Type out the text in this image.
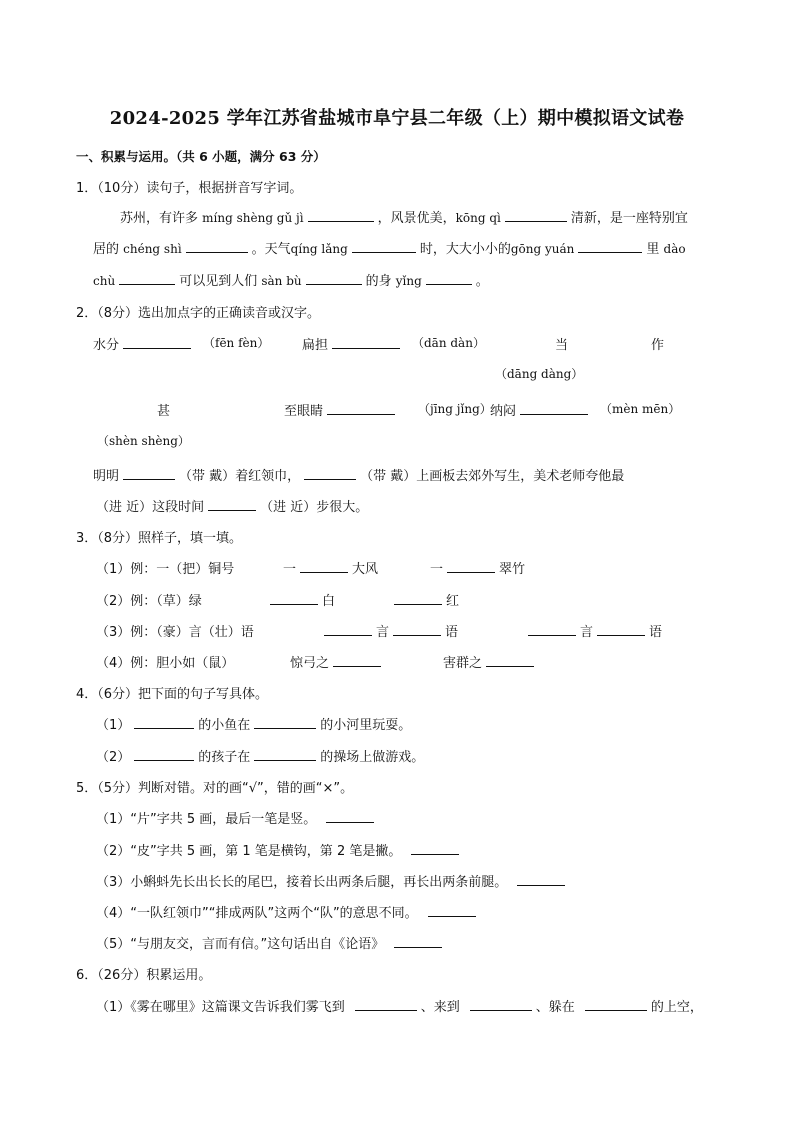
2024-2025 学年江苏省盐城市阜宁县二年级（上）期中模拟语文试卷
一、积累与运用。（共 6 小题，满分 63 分）
1．（10分）读句子，根据拼音写字词。
苏州，有许多 míng shèng gǔ jì	，风景优美，kōng qì	清新，是一座特别宜
居的 chéng shì	。天气qíng lǎng	时，大大小小的gōng yuán	里 dào
chù	可以见到人们 sàn bù	的身 yǐng	。
2．（8分）选出加点字的正确读音或汉字。
水分	（fēn fèn）	扁担	（dān dàn）	当	作
（dāng dàng）
甚	至眼睛	（jīng jǐng）
纳闷	（mèn mēn）
（shèn shèng）
明明	（带 戴）着红领巾，	（带 戴）上画板去郊外写生，美术老师夸他最
（进 近）这段时间	（进 近）步很大。
3．（8分）照样子，填一填。
（1）例：一（把）铜号	一	大风	一	翠竹
（2）例：（草）绿	白	红
（3）例：（豪）言（壮）语	言	语	言	语
（4）例：胆小如（鼠）	惊弓之	害群之
4．（6分）把下面的句子写具体。
（1）	的小鱼在	的小河里玩耍。
（2）	的孩子在	的操场上做游戏。
5．（5分）判断对错。对的画“√”，错的画“×”。
（1）“片”字共 5 画，最后一笔是竖。
（2）“皮”字共 5 画，第 1 笔是横钩，第 2 笔是撇。
（3）小蝌蚪先长出长长的尾巴，接着长出两条后腿，再长出两条前腿。
（4）“一队红领巾”“排成两队”这两个“队”的意思不同。
（5）“与朋友交，言而有信。”这句话出自《论语》
6．（26分）积累运用。
（1）《雾在哪里》这篇课文告诉我们雾飞到	、来到	、躲在	的上空，
